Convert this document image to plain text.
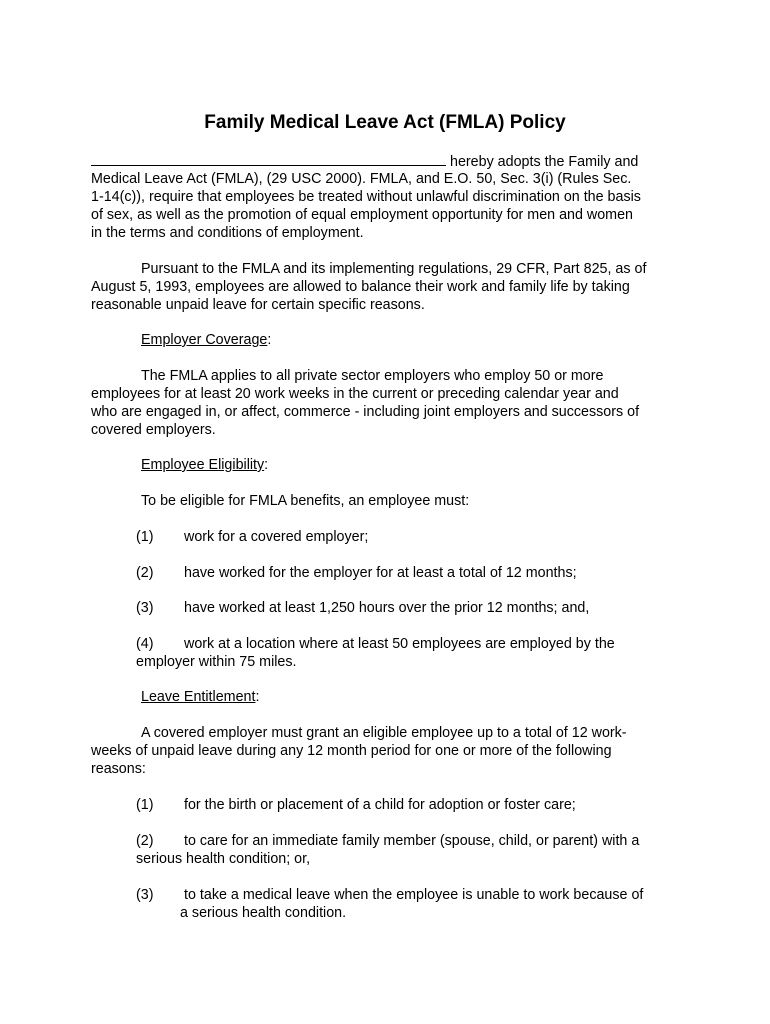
Family Medical Leave Act (FMLA) Policy
hereby adopts the Family and
Medical Leave Act (FMLA), (29 USC 2000). FMLA, and E.O. 50, Sec. 3(i) (Rules Sec.
1-14(c)), require that employees be treated without unlawful discrimination on the basis
of sex, as well as the promotion of equal employment opportunity for men and women
in the terms and conditions of employment.
Pursuant to the FMLA and its implementing regulations, 29 CFR, Part 825, as of
August 5, 1993, employees are allowed to balance their work and family life by taking
reasonable unpaid leave for certain specific reasons.
Employer Coverage:
The FMLA applies to all private sector employers who employ 50 or more
employees for at least 20 work weeks in the current or preceding calendar year and
who are engaged in, or affect, commerce - including joint employers and successors of
covered employers.
Employee Eligibility:
To be eligible for FMLA benefits, an employee must:
(1) work for a covered employer;
(2) have worked for the employer for at least a total of 12 months;
(3) have worked at least 1,250 hours over the prior 12 months; and,
(4) work at a location where at least 50 employees are employed by the
employer within 75 miles.
Leave Entitlement:
A covered employer must grant an eligible employee up to a total of 12 work-
weeks of unpaid leave during any 12 month period for one or more of the following
reasons:
(1) for the birth or placement of a child for adoption or foster care;
(2) to care for an immediate family member (spouse, child, or parent) with a
serious health condition; or,
(3) to take a medical leave when the employee is unable to work because of
a serious health condition.
